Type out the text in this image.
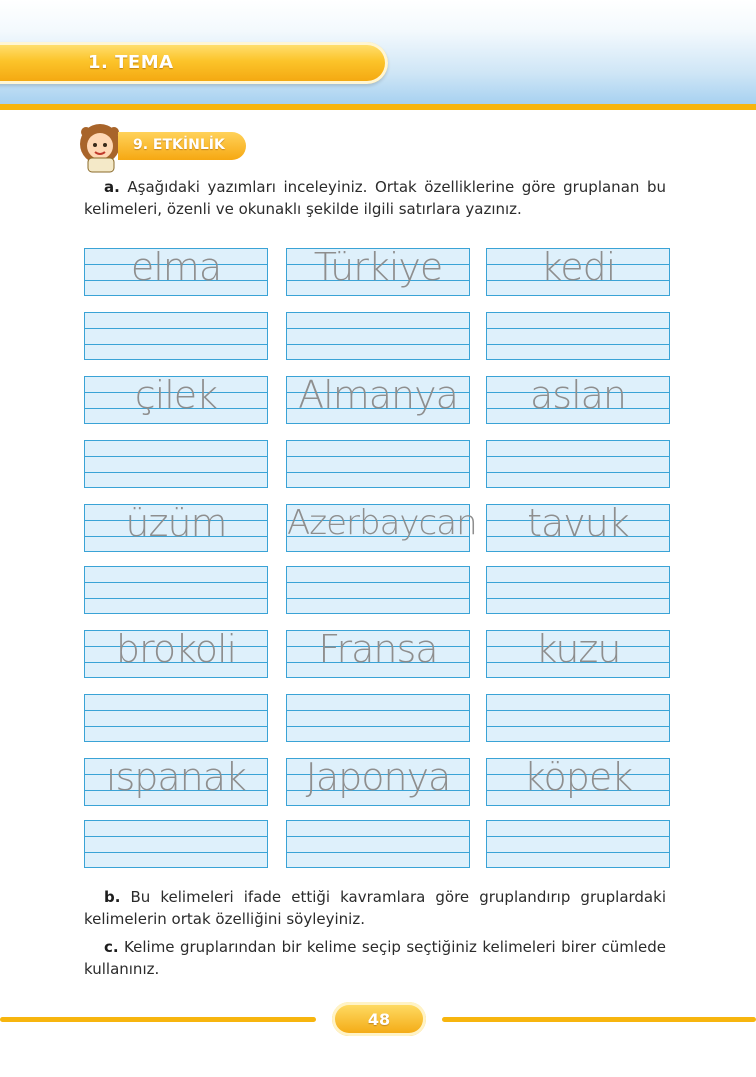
1. TEMA
9. ETKİNLİK
a. Aşağıdaki yazımları inceleyiniz. Ortak özelliklerine göre gruplanan bu kelimeleri, özenli ve okunaklı şekilde ilgili satırlara yazınız.
elma	Türkiye	kedi
çilek	Almanya	aslan
üzüm	Azerbaycan	tavuk
brokoli	Fransa	kuzu
ıspanak	Japonya	köpek
b. Bu kelimeleri ifade ettiği kavramlara göre gruplandırıp gruplardaki kelimelerin ortak özelliğini söyleyiniz.
c. Kelime gruplarından bir kelime seçip seçtiğiniz kelimeleri birer cümlede kullanınız.
48
